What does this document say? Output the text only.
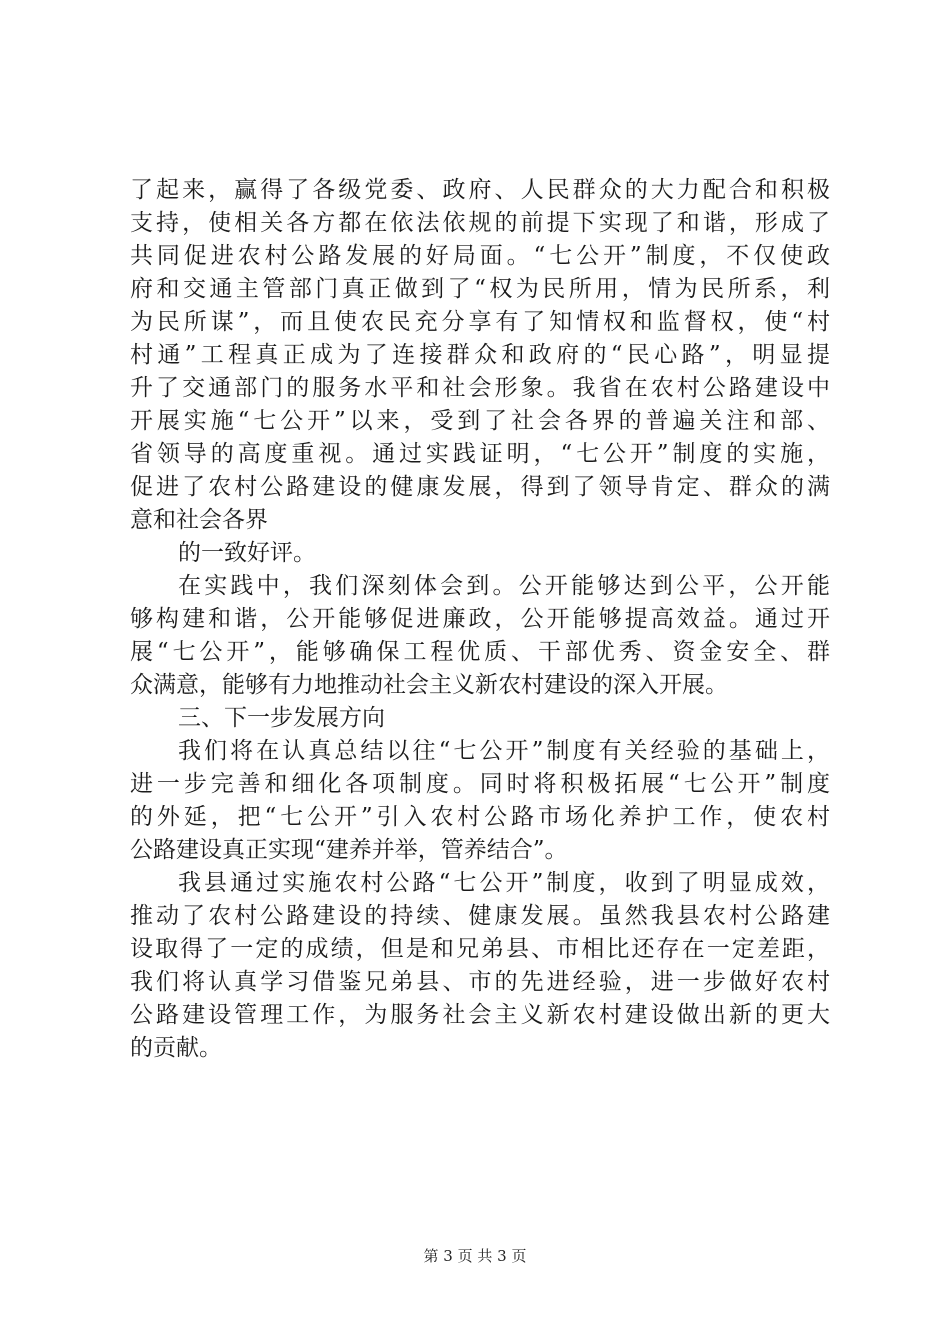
了起来，赢得了各级党委、政府、人民群众的大力配合和积极
支持，使相关各方都在依法依规的前提下实现了和谐，形成了
共同促进农村公路发展的好局面。“七公开”制度，不仅使政
府和交通主管部门真正做到了“权为民所用，情为民所系，利
为民所谋”，而且使农民充分享有了知情权和监督权，使“村
村通”工程真正成为了连接群众和政府的“民心路”，明显提
升了交通部门的服务水平和社会形象。我省在农村公路建设中
开展实施“七公开”以来，受到了社会各界的普遍关注和部、
省领导的高度重视。通过实践证明，“七公开”制度的实施，
促进了农村公路建设的健康发展，得到了领导肯定、群众的满
意和社会各界
的一致好评。
在实践中，我们深刻体会到。公开能够达到公平，公开能
够构建和谐，公开能够促进廉政，公开能够提高效益。通过开
展“七公开”，能够确保工程优质、干部优秀、资金安全、群
众满意，能够有力地推动社会主义新农村建设的深入开展。
三、下一步发展方向
我们将在认真总结以往“七公开”制度有关经验的基础上，
进一步完善和细化各项制度。同时将积极拓展“七公开”制度
的外延，把“七公开”引入农村公路市场化养护工作，使农村
公路建设真正实现“建养并举，管养结合”。
我县通过实施农村公路“七公开”制度，收到了明显成效，
推动了农村公路建设的持续、健康发展。虽然我县农村公路建
设取得了一定的成绩，但是和兄弟县、市相比还存在一定差距，
我们将认真学习借鉴兄弟县、市的先进经验，进一步做好农村
公路建设管理工作，为服务社会主义新农村建设做出新的更大
的贡献。
第 3 页 共 3 页
